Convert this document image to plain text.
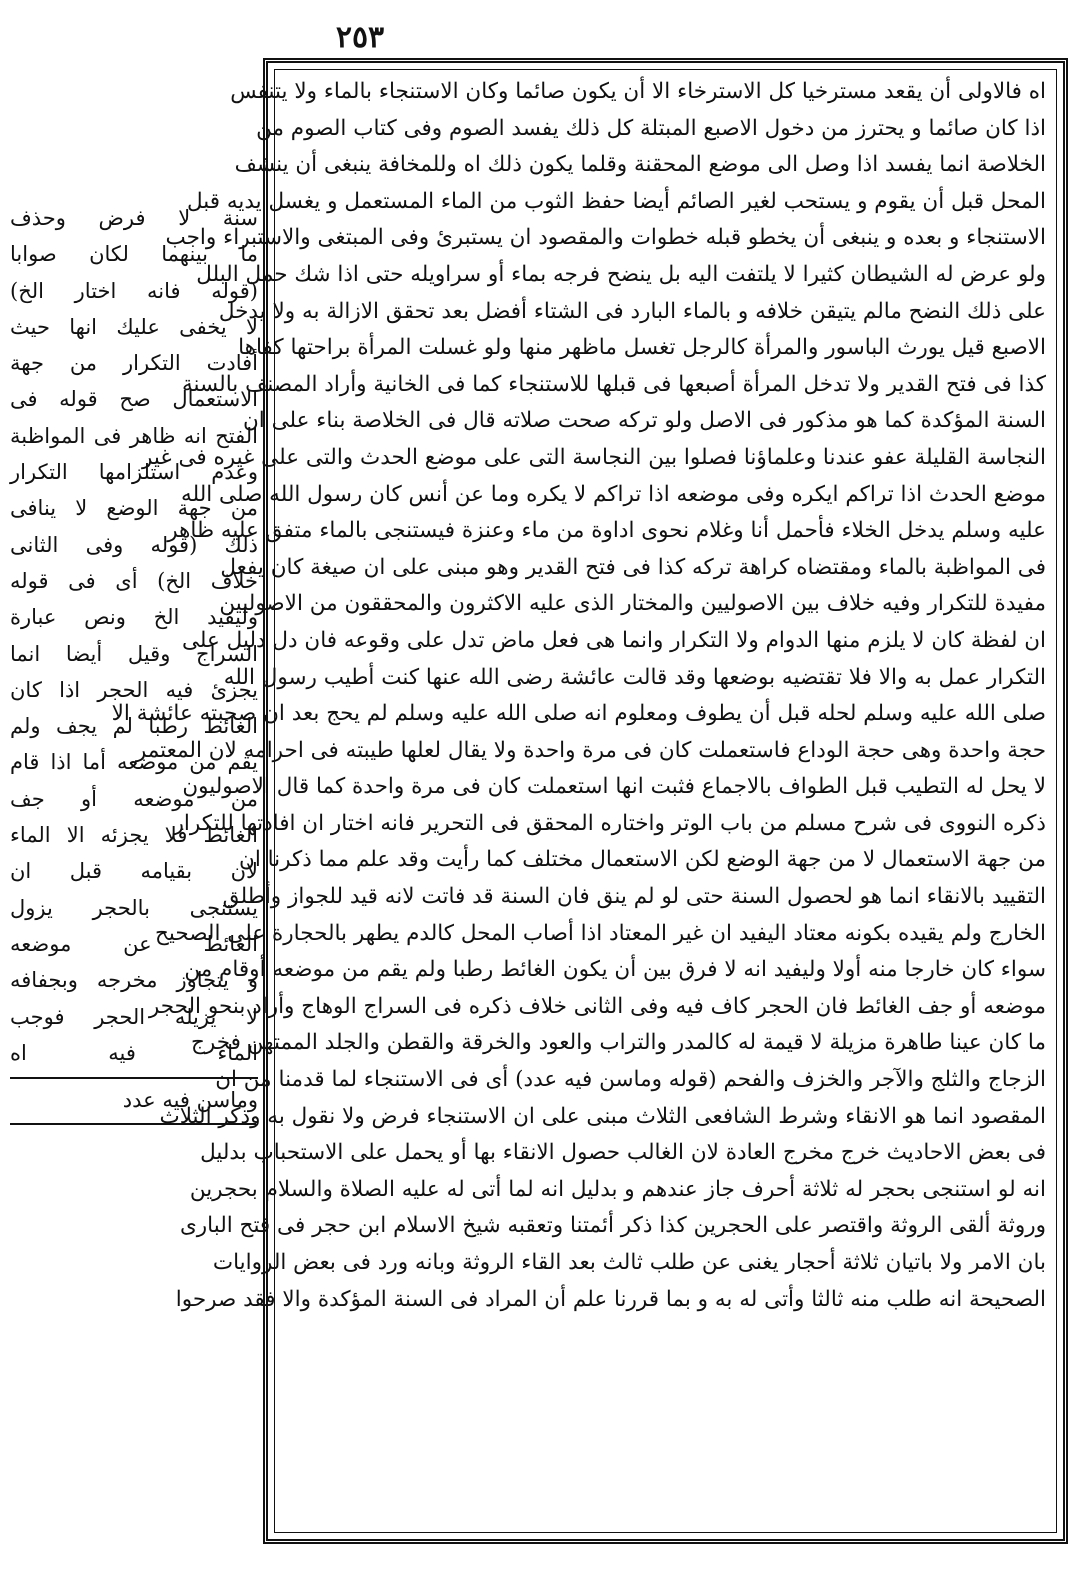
٢٥٣
اه فالاولى أن يقعد مسترخيا كل الاسترخاء الا أن يكون صائما وكان الاستنجاء بالماء ولا يتنفس
اذا كان صائما و يحترز من دخول الاصبع المبتلة كل ذلك يفسد الصوم وفى كتاب الصوم من
الخلاصة انما يفسد اذا وصل الى موضع المحقنة وقلما يكون ذلك اه وللمخافة ينبغى أن ينشف
المحل قبل أن يقوم و يستحب لغير الصائم أيضا حفظ الثوب من الماء المستعمل و يغسل يديه قبل
الاستنجاء و بعده و ينبغى أن يخطو قبله خطوات والمقصود ان يستبرئ وفى المبتغى والاستبراء واجب
ولو عرض له الشيطان كثيرا لا يلتفت اليه بل ينضح فرجه بماء أو سراويله حتى اذا شك حمل البلل
على ذلك النضح مالم يتيقن خلافه و بالماء البارد فى الشتاء أفضل بعد تحقق الازالة به ولا يدخل
الاصبع قيل يورث الباسور والمرأة كالرجل تغسل ماظهر منها ولو غسلت المرأة براحتها كفاها
كذا فى فتح القدير ولا تدخل المرأة أصبعها فى قبلها للاستنجاء كما فى الخانية وأراد المصنف بالسنة
السنة المؤكدة كما هو مذكور فى الاصل ولو تركه صحت صلاته قال فى الخلاصة بناء على ان
النجاسة القليلة عفو عندنا وعلماؤنا فصلوا بين النجاسة التى على موضع الحدث والتى على غيره فى غير
موضع الحدث اذا تراكم ايكره وفى موضعه اذا تراكم لا يكره وما عن أنس كان رسول الله صلى الله
عليه وسلم يدخل الخلاء فأحمل أنا وغلام نحوى اداوة من ماء وعنزة فيستنجى بالماء متفق عليه ظاهر
فى المواظبة بالماء ومقتضاه كراهة تركه كذا فى فتح القدير وهو مبنى على ان صيغة كان يفعل
مفيدة للتكرار وفيه خلاف بين الاصوليين والمختار الذى عليه الاكثرون والمحققون من الاصوليين
ان لفظة كان لا يلزم منها الدوام ولا التكرار وانما هى فعل ماض تدل على وقوعه فان دل دليل على
التكرار عمل به والا فلا تقتضيه بوضعها وقد قالت عائشة رضى الله عنها كنت أطيب رسول الله
صلى الله عليه وسلم لحله قبل أن يطوف ومعلوم انه صلى الله عليه وسلم لم يحج بعد ان صحبته عائشة الا
حجة واحدة وهى حجة الوداع فاستعملت كان فى مرة واحدة ولا يقال لعلها طيبته فى احرامه لان المعتمر
لا يحل له التطيب قبل الطواف بالاجماع فثبت انها استعملت كان فى مرة واحدة كما قال الاصوليون
ذكره النووى فى شرح مسلم من باب الوتر واختاره المحقق فى التحرير فانه اختار ان افادتها للتكرار
من جهة الاستعمال لا من جهة الوضع لكن الاستعمال مختلف كما رأيت وقد علم مما ذكرنا ان
التقييد بالانقاء انما هو لحصول السنة حتى لو لم ينق فان السنة قد فاتت لانه قيد للجواز وأطلق
الخارج ولم يقيده بكونه معتاد اليفيد ان غير المعتاد اذا أصاب المحل كالدم يطهر بالحجارة على الصحيح
سواء كان خارجا منه أولا وليفيد انه لا فرق بين أن يكون الغائط رطبا ولم يقم من موضعه أوقام من
موضعه أو جف الغائط فان الحجر كاف فيه وفى الثانى خلاف ذكره فى السراج الوهاج وأراد بنحو الحجر
ما كان عينا طاهرة مزيلة لا قيمة له كالمدر والتراب والعود والخرقة والقطن والجلد الممتهن فخرج
الزجاج والثلج والآجر والخزف والفحم (قوله وماسن فيه عدد) أى فى الاستنجاء لما قدمنا من ان
المقصود انما هو الانقاء وشرط الشافعى الثلاث مبنى على ان الاستنجاء فرض ولا نقول به وذكر الثلاث
فى بعض الاحاديث خرج مخرج العادة لان الغالب حصول الانقاء بها أو يحمل على الاستحباب بدليل
انه لو استنجى بحجر له ثلاثة أحرف جاز عندهم و بدليل انه لما أتى له عليه الصلاة والسلام بحجرين
وروثة ألقى الروثة واقتصر على الحجرين كذا ذكر أئمتنا وتعقبه شيخ الاسلام ابن حجر فى فتح البارى
بان الامر ولا باتيان ثلاثة أحجار يغنى عن طلب ثالث بعد القاء الروثة وبانه ورد فى بعض الروايات
الصحيحة انه طلب منه ثالثا وأتى له به و بما قررنا علم أن المراد فى السنة المؤكدة والا فقد صرحوا
سنة لا فرض وحذف
ما بينهما لكان صوابا
(قوله فانه اختار الخ)
لا يخفى عليك انها حيث
أفادت التكرار من جهة
الاستعمال صح قوله فى
الفتح انه ظاهر فى المواظبة
وعدم استلزامها التكرار
من جهة الوضع لا ينافى
ذلك (قوله وفى الثانى
خلاف الخ) أى فى قوله
وليفيد الخ ونص عبارة
السراج وقيل أيضا انما
يجزئ فيه الحجر اذا كان
الغائط رطبا لم يجف ولم
يقم من موضعه أما اذا قام
من موضعه أو جف
الغائط فلا يجزئه الا الماء
لان بقيامه قبل ان
يستنجى بالحجر يزول
الغائط عن موضعه
و يتجاوز مخرجه وبجفافه
لا يزيله الحجر فوجب
الماء فيه اه
وماسن فيه عدد
